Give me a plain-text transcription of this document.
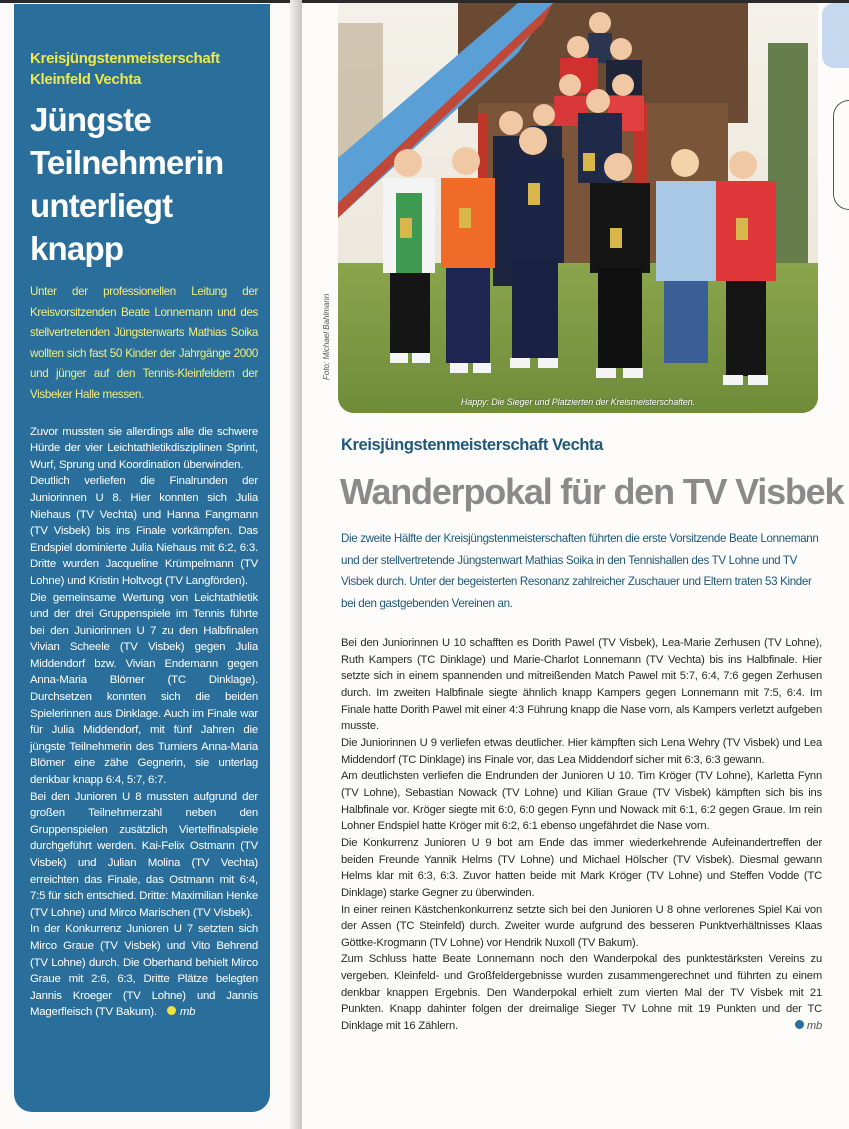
Kreisjüngstenmeisterschaft Kleinfeld Vechta
Jüngste Teilnehmerin unterliegt knapp
Unter der professionellen Leitung der Kreisvorsitzenden Beate Lonnemann und des stellvertretenden Jüngstenwarts Mathias Soika wollten sich fast 50 Kinder der Jahrgänge 2000 und jünger auf den Tennis-Kleinfeldern der Visbeker Halle messen.

Zuvor mussten sie allerdings alle die schwere Hürde der vier Leichtathletikdisziplinen Sprint, Wurf, Sprung und Koordination überwinden.

Deutlich verliefen die Finalrunden der Juniorinnen U 8. Hier konnten sich Julia Niehaus (TV Vechta) und Hanna Fangmann (TV Visbek) bis ins Finale vorkämpfen. Das Endspiel dominierte Julia Niehaus mit 6:2, 6:3. Dritte wurden Jacqueline Krümpelmann (TV Lohne) und Kristin Holtvogt (TV Langförden).

Die gemeinsame Wertung von Leichtathletik und der drei Gruppenspiele im Tennis führte bei den Juniorinnen U 7 zu den Halbfinalen Vivian Scheele (TV Visbek) gegen Julia Middendorf bzw. Vivian Endemann gegen Anna-Maria Blömer (TC Dinklage). Durchsetzen konnten sich die beiden Spielerinnen aus Dinklage. Auch im Finale war für Julia Middendorf, mit fünf Jahren die jüngste Teilnehmerin des Turniers Anna-Maria Blömer eine zähe Gegnerin, sie unterlag denkbar knapp 6:4, 5:7, 6:7.

Bei den Junioren U 8 mussten aufgrund der großen Teilnehmerzahl neben den Gruppenspielen zusätzlich Viertelfinalspiele durchgeführt werden. Kai-Felix Ostmann (TV Visbek) und Julian Molina (TV Vechta) erreichten das Finale, das Ostmann mit 6:4, 7:5 für sich entschied. Dritte: Maximilian Henke (TV Lohne) und Mirco Marischen (TV Visbek).

In der Konkurrenz Junioren U 7 setzten sich Mirco Graue (TV Visbek) und Vito Behrend (TV Lohne) durch. Die Oberhand behielt Mirco Graue mit 2:6, 6:3, Dritte Plätze belegten Jannis Kroeger (TV Lohne) und Jannis Magerfleisch (TV Bakum). mb

Happy: Die Sieger und Platzierten der Kreismeisterschaften.
Foto: Michael Bahlmann
Kreisjüngstenmeisterschaft Vechta
Wanderpokal für den TV Visbek
Die zweite Hälfte der Kreisjüngstenmeisterschaften führten die erste Vorsitzende Beate Lonnemann und der stellvertretende Jüngstenwart Mathias Soika in den Tennishallen des TV Lohne und TV Visbek durch. Unter der begeisterten Resonanz zahlreicher Zuschauer und Eltern traten 53 Kinder bei den gastgebenden Vereinen an.

Bei den Juniorinnen U 10 schafften es Dorith Pawel (TV Visbek), Lea-Marie Zerhusen (TV Lohne), Ruth Kampers (TC Dinklage) und Marie-Charlot Lonnemann (TV Vechta) bis ins Halbfinale. Hier setzte sich in einem spannenden und mitreißenden Match Pawel mit 5:7, 6:4, 7:6 gegen Zerhusen durch. Im zweiten Halbfinale siegte ähnlich knapp Kampers gegen Lonnemann mit 7:5, 6:4. Im Finale hatte Dorith Pawel mit einer 4:3 Führung knapp die Nase vorn, als Kampers verletzt aufgeben musste.

Die Juniorinnen U 9 verliefen etwas deutlicher. Hier kämpften sich Lena Wehry (TV Visbek) und Lea Middendorf (TC Dinklage) ins Finale vor, das Lea Middendorf sicher mit 6:3, 6:3 gewann.

Am deutlichsten verliefen die Endrunden der Junioren U 10. Tim Kröger (TV Lohne), Karletta Fynn (TV Lohne), Sebastian Nowack (TV Lohne) und Kilian Graue (TV Visbek) kämpften sich bis ins Halbfinale vor. Kröger siegte mit 6:0, 6:0 gegen Fynn und Nowack mit 6:1, 6:2 gegen Graue. Im rein Lohner Endspiel hatte Kröger mit 6:2, 6:1 ebenso ungefährdet die Nase vorn.

Die Konkurrenz Junioren U 9 bot am Ende das immer wiederkehrende Aufeinandertreffen der beiden Freunde Yannik Helms (TV Lohne) und Michael Hölscher (TV Visbek). Diesmal gewann Helms klar mit 6:3, 6:3. Zuvor hatten beide mit Mark Kröger (TV Lohne) und Steffen Vodde (TC Dinklage) starke Gegner zu überwinden.

In einer reinen Kästchenkonkurrenz setzte sich bei den Junioren U 8 ohne verlorenes Spiel Kai von der Assen (TC Steinfeld) durch. Zweiter wurde aufgrund des besseren Punktverhältnisses Klaas Göttke-Krogmann (TV Lohne) vor Hendrik Nuxoll (TV Bakum).

Zum Schluss hatte Beate Lonnemann noch den Wanderpokal des punktestärksten Vereins zu vergeben. Kleinfeld- und Großfeldergebnisse wurden zusammengerechnet und führten zu einem denkbar knappen Ergebnis. Den Wanderpokal erhielt zum vierten Mal der TV Visbek mit 21 Punkten. Knapp dahinter folgen der dreimalige Sieger TV Lohne mit 19 Punkten und der TC Dinklage mit 16 Zählern.	mb
